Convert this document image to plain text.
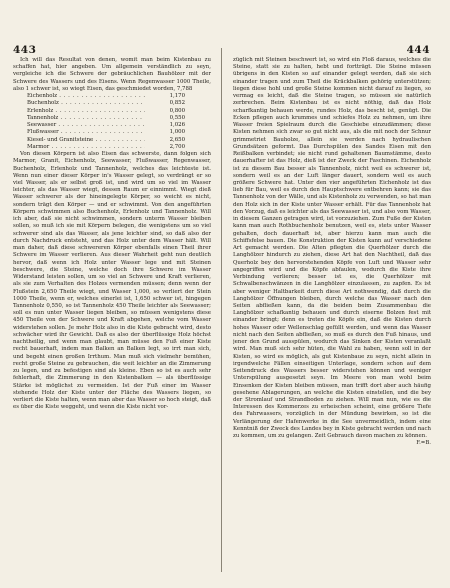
443	444

Ich will das Resultat von denen, womit man beim Kistenbau zu schaffen hat, hier angeben. Um allgemein verständlich zu seyn, vergleiche ich die Schwere der gebräuchlichen Bauhölzer mit der Schwere des Wassers und des Eisens. Wenn Regenwasser 1000 Theile, also 1 schwer ist, so wiegt Eisen, das geschmiedet worden, 7,788

Eichenholz . . .	1,170
Buchenholz . . .	0,852
Erlenholz . . .	0,800
Tannenholz . . .	0,550
Seewasser . . .	1,026
Flußwasser . . .	1,000
Kiesel- und Granitsteine . . .	2,650
Marmor . . .	2,700

Von diesen Körpern ist also Eisen das schwerste, dann folgen sich Marmor, Granit, Eichenholz, Seewasser, Flußwasser, Regenwasser, Buchenholz, Erlenholz und Tannenholz, welches das leichteste ist. Wenn nun einer dieser Körper in's Wasser gelegt, so verdrängt er so viel Wasser, als er selbst groß ist, und wird um so viel im Wasser leichter, als das Wasser wiegt, dessen Raum er einnimmt. Wiegt dieß Wasser schwerer als der hineingelegte Körper, so weicht es nicht, sondern trägt den Körper — und er schwimmt. Von den angeführten Körpern schwimmen also Buchenholz, Erlenholz und Tannenholz. Will ich aber, daß sie nicht schwimmen, sondern unterm Wasser bleiben sollen, so muß ich sie mit Körpern belegen, die wenigstens um so viel schwerer sind als das Wasser, als jene leichter sind, so daß also der durch Nachdruck entsteht, und das Holz unter dem Wasser hält. Will man daher, daß diese schwereren Körper ebenfalls einen Theil ihrer Schwere im Wasser verlieren. Aus dieser Wahrheit geht nun deutlich hervor, daß wenn ich Holz unter Wasser lege und mit Steinen beschwere, die Steine, welche doch ihre Schwere im Wasser Widerstand leisten sollen, um so viel an Schwere und Kraft verlieren, als sie zum Verhalten des Holzes vermenden müssen; denn wenn der Flußstein 2,650 Theile wiegt, und Wasser 1,000, so verliert der Stein 1000 Theile, wenn er, welches einerlei ist, 1,650 schwer ist, hingegen Tannenholz 0,550, so ist Tannenholz 450 Theile leichter als Seewasser; soll es nun unter Wasser liegen bleiben, so müssen wenigstens diese 450 Theile von der Schwere und Kraft abgehen, welche vom Wasser widerstehen sollen. Je mehr Holz also in die Kiste gebracht wird, desto schwächer wird ihr Gewicht. Daß es also der überflüssige Holz höchst nachtheilig, und wenn man glaubt, man müsse den Fuß einer Kiste recht bauerhaft, indem man Balken an Balken legt, so irrt man sich, und begeht einen großen Irrthum. Man muß sich vielmehr bemühen, recht große Steine zu gebrauchen, die weit leichter an die Zimmerung zu legen, und zu befestigen sind als kleine. Eben so ist es auch sehr fehlerhaft, die Zimmerung in den Kistenbalken — als überflüssige Stärke ist möglichst zu vermeiden. Ist der Fuß einer im Wasser stehende Holz der Kiste unter der Fläche des Wassers liegen, so verliert die Kiste halten, wenn man aber das Wasser so hoch steigt, daß es über die Kiste weggeht, und wenn die Kiste nicht vor-

züglich mit Steinen beschwert ist, so wird ein Floß daraus, welches die Steine, statt sie zu halten, hebt und fortträgt. Die Steine müssen übrigens in den Kisten so auf einander gelegt werden, daß sie sich einander tragen und zum Theil die Kräckbalken gehörig unterstützen; liegen diese hohl und große Steine kommen nicht darauf zu liegen, so vermag es leicht, daß die Steine tragen, so müssen sie natürlich zerbrechen. Beim Kistenbau ist es nicht nöthig, daß das Holz scharfkantig behauen werde, rundes Holz, das bescht ist, genügt. Die Ecken pflegen auch krummes und schiefes Holz zu nehmen, um ihre Wasser freien Spielraum durch die Geschiebe einzudämmen; diese Kisten nehmen sich zwar so gut nicht aus, als die mit noch der Schnur grimmetriet Bauholze, allein sie werden nach hydraulischen Grundsätzen geformt. Das Durchspülen des Sandes Eisen mit den Reißbalken verbindet; sie nicht rund gehaltenen Baumstämme, desto dauerhafter ist das Holz, dieß ist der Zweck der Faschinen. Eichenholz ist zu diesem Bau besser als Tannenholz, nicht weil es schwerer ist, sondern weil es an der Luft länger dauert, sondern weil es auch größere Schwere hat. Unter den vier angeführten Eichenholz ist das lieb für Bau, weil es durch den Hauptschwere entbehren kann; sie das Tannenholz von der Wälle, und als Kistenholz zu verwenden, so hat man den Holz sich in der Kiste unter Wasser erhält. Für das Tannenholz hat den Vorzug, daß es leichter als das Seewasser ist, und also vom Wasser, in diesem Ganzen getragen wird, ist vorzuziehen. Zum Fuße der Kisten kann man auch Rothbuchenholz benutzen, weil es, stets unter Wasser gehalten, doch dauerhaft ist, aber hierzu kann man auch die Schiffsfelse bauen. Die Konstruktion der Kisten kann auf verschiedene Art gemacht werden. Die Alten pflegten die Querhölzer durch die Langhölzer hindurch zu ziehen, diese Art hat den Nachtheil, daß das Querholz bey den hervorstehenden Köpfe von Luft und Wasser sehr angegriffen wird und die Köpfe abfaulen, wodurch die Kiste ihre Verbindung verlieren; besser ist es, die Querhölzer mit Schwalbenschwänzen in die Langhölzer einzulassen, zu zapfen. Es ist aber weniger Haltbarkeit durch diese Art nothwendig, daß durch die Langhölzer Öffnungen bleiben, durch welche das Wasser nach den Seiten abfließen kann, da die beiden beim Zusammenbau die Langhölzer schafkantig behauen und durch eiserne Bolzen fest mit einander bringt; denn es treten die Köpfe ein, daß die Kisten durch hohes Wasser oder Wellenschlag gefüllt werden, und wenn das Wasser nicht nach den Seiten abfließen, so muß es durch den Fuß hinaus, und jener den Grund ausspülen, wodurch das Sinken der Kisten veranlaßt wird. Man muß sich sehr hüten, die Wahl zu haben, wenn soll in der Kisten, so wird es möglich, als gut Kistenbaue zu seyn, nicht allein in irgendwelche Fällen einseitigen Unterlage, sondern schon auf dem Seitendruck des Wassers besser widerstehen können und weniger Unterspülung ausgesetzt seyn. Im Meere von man wohl beim Einsenken der Kisten bleiben müssen, man trifft dort aber auch häufig gesehene Ablagerungen, an welche die Kisten einstellen, und die bey der Stromlauf und Strandboden zu ziehen. Will man nun, wie es die Interessen des Kommerzes zu erheischen scheint, eine größere Tiefe des Fahrwassers, vorzüglich in der Mündung bewirken, so ist die Verlängerung der Hafenwerke in die See unvermeidlich, indem eine Kenntniß der Zweck des Landes bey in Kiste gebracht werden und nach zu kommen, um zu gelangen. Zeit Gebrauch davon machen zu können.

F.=B.
